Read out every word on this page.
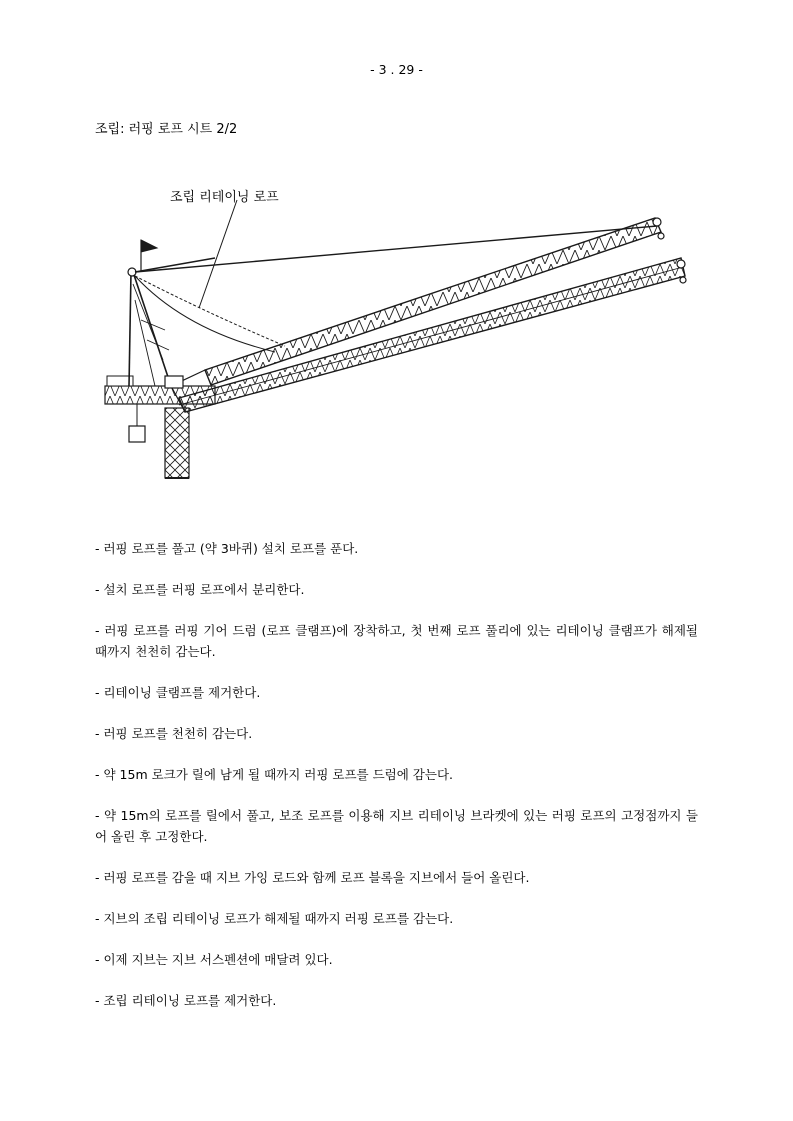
- 3 . 29 -
조립: 러핑 로프 시트 2/2
조립 리테이닝 로프

- 러핑 로프를 풀고 (약 3바퀴) 설치 로프를 푼다.

- 설치 로프를 러핑 로프에서 분리한다.

- 러핑 로프를 러핑 기어 드럼 (로프 클램프)에 장착하고, 첫 번째 로프 풀리에 있는 리테이닝 클램프가 해제될 때까지 천천히 감는다.

- 리테이닝 클램프를 제거한다.

- 러핑 로프를 천천히 감는다.

- 약 15m 로크가 릴에 남게 될 때까지 러핑 로프를 드럼에 감는다.

- 약 15m의 로프를 릴에서 풀고, 보조 로프를 이용해 지브 리테이닝 브라켓에 있는 러핑 로프의 고정점까지 들어 올린 후 고정한다.

- 러핑 로프를 감을 때 지브 가잉 로드와 함께 로프 블록을 지브에서 들어 올린다.

- 지브의 조립 리테이닝 로프가 해제될 때까지 러핑 로프를 감는다.

- 이제 지브는 지브 서스펜션에 매달려 있다.

- 조립 리테이닝 로프를 제거한다.
